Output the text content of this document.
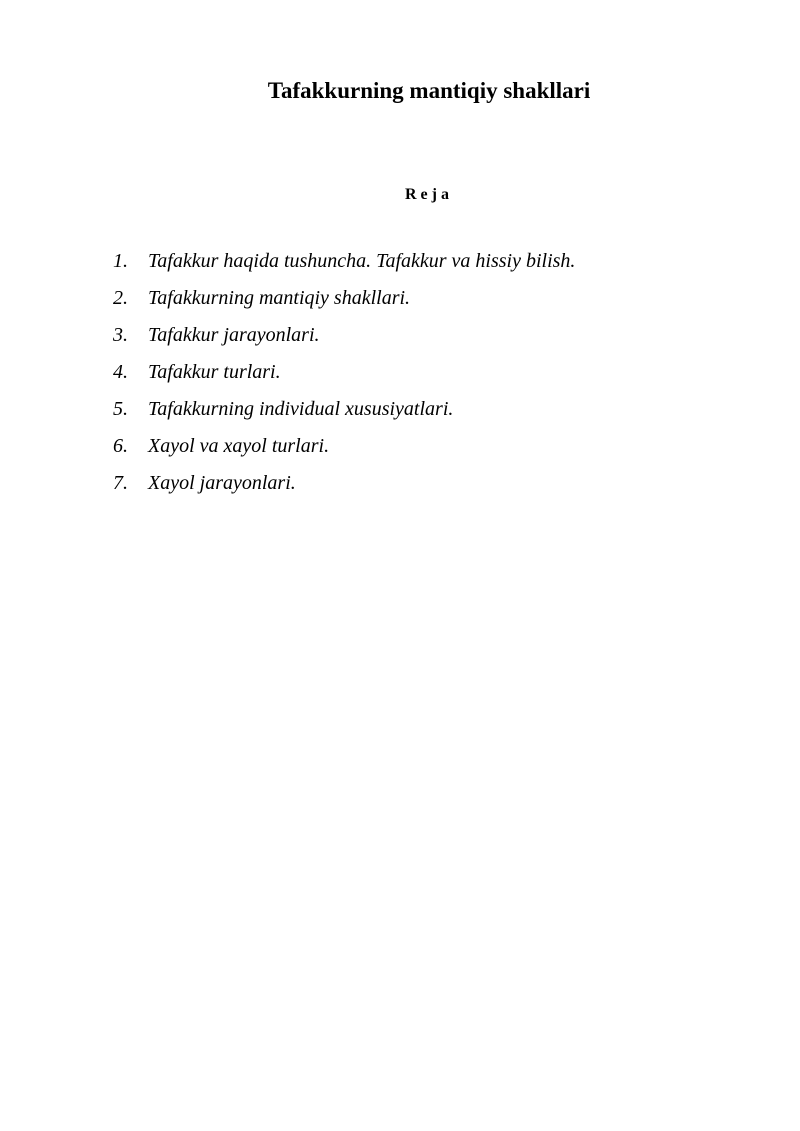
Tafakkurning mantiqiy shakllari
Reja
1.	Tafakkur haqida tushuncha. Tafakkur va hissiy bilish.
2.	Tafakkurning mantiqiy shakllari.
3.	Tafakkur jarayonlari.
4.	Tafakkur turlari.
5.	Tafakkurning individual xususiyatlari.
6.	Xayol va xayol turlari.
7.	Xayol jarayonlari.
